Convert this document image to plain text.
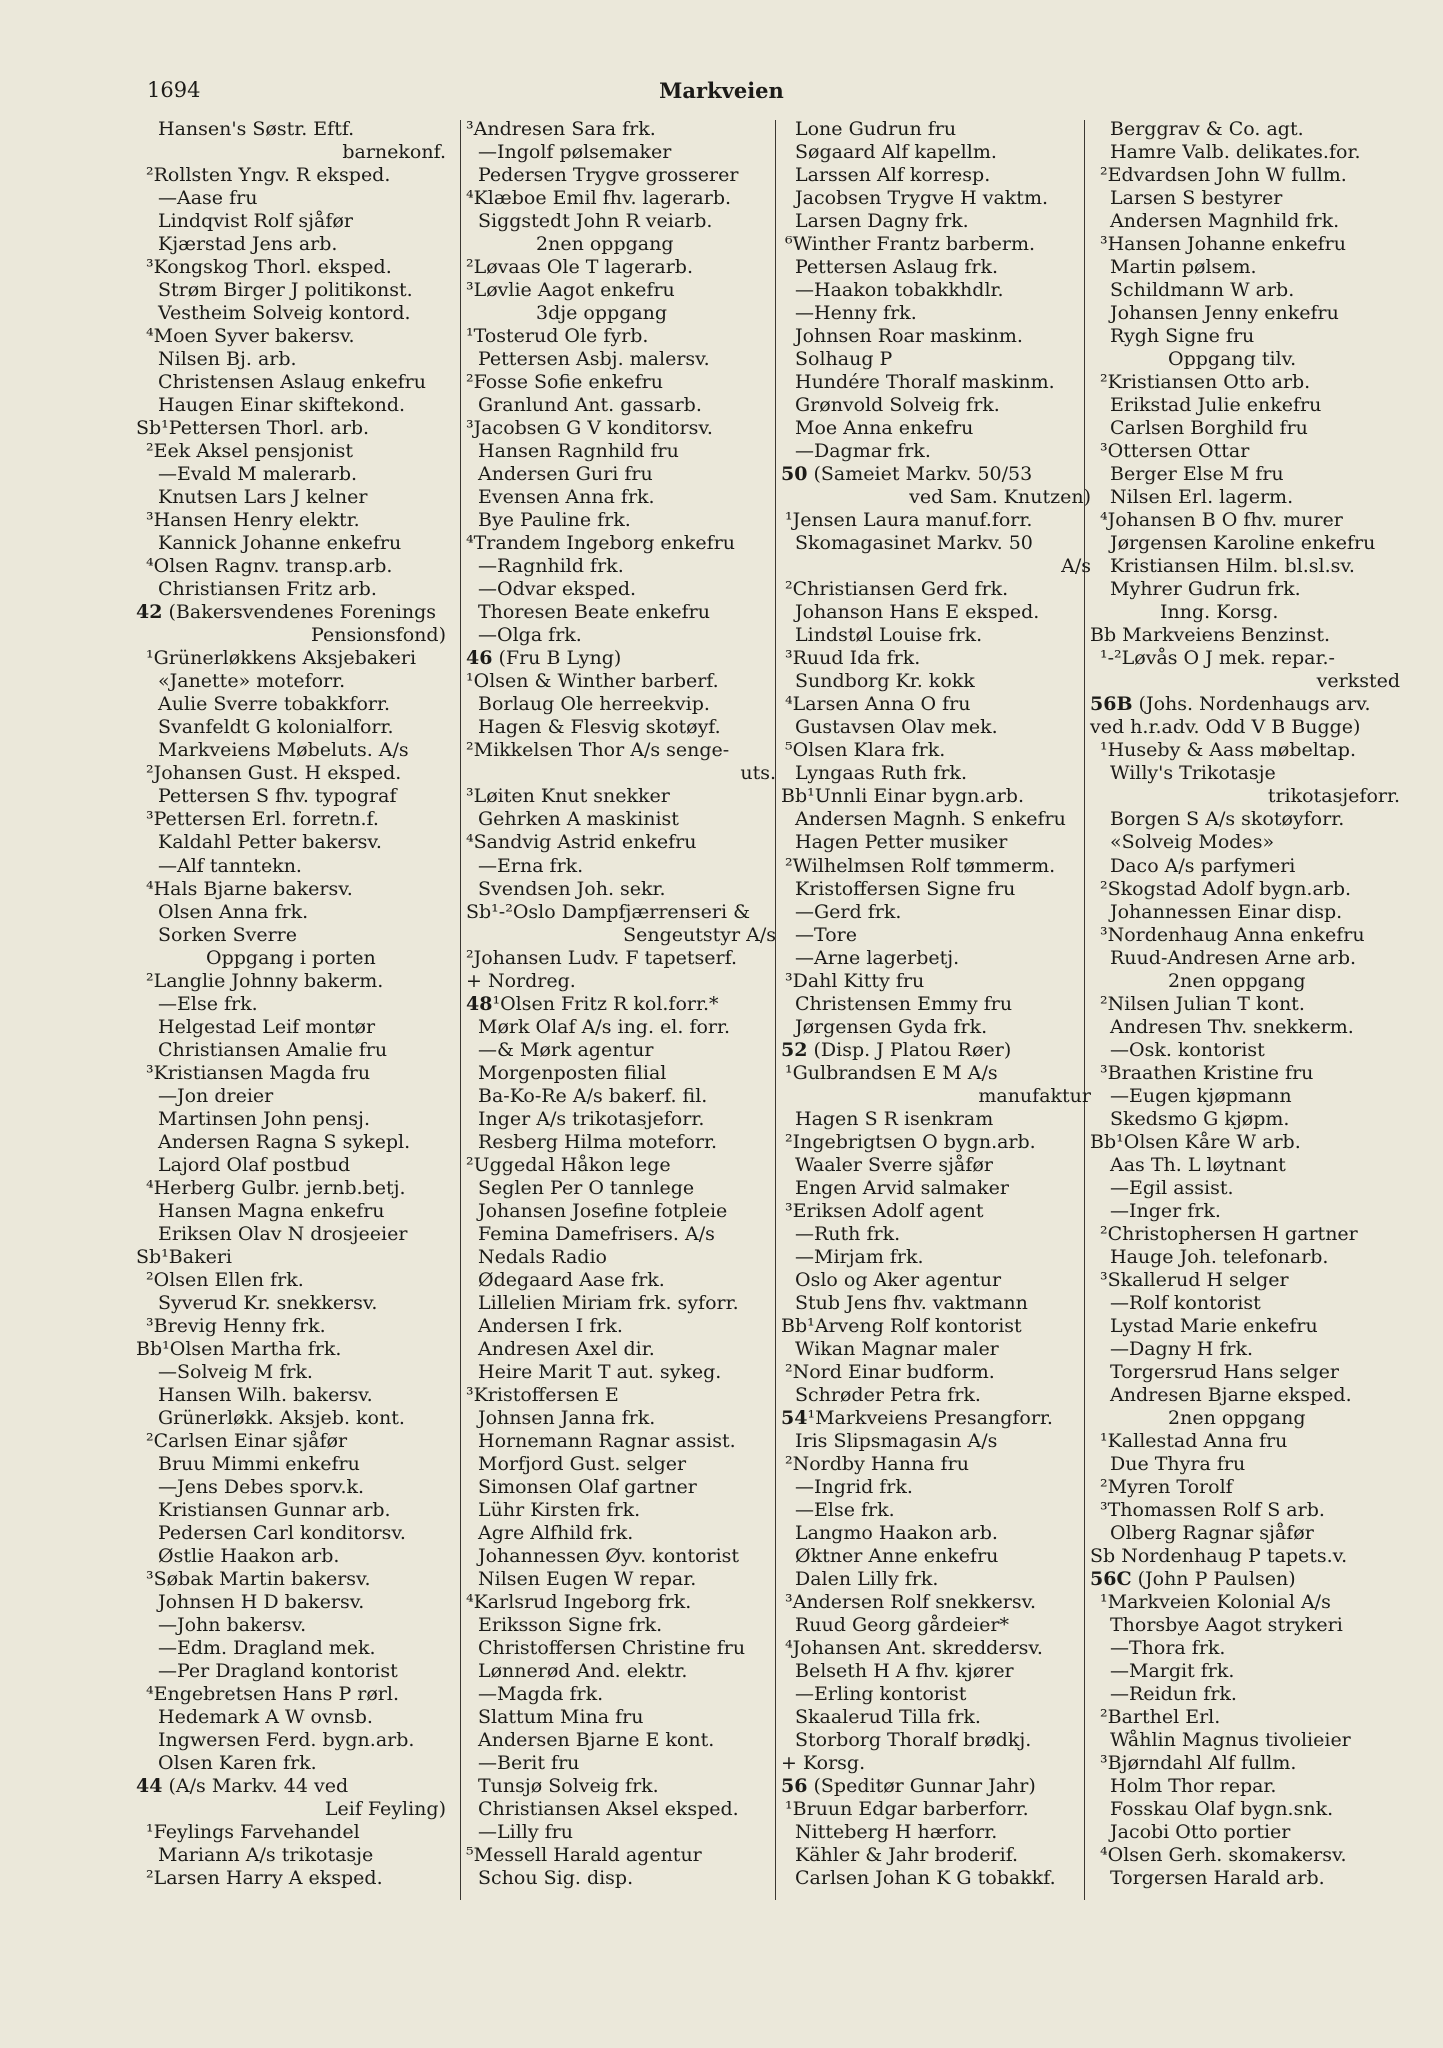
1694	Markveien
Hansen's Søstr. Eftf.
barnekonf.
²Rollsten Yngv. R eksped.
—Aase fru
Lindqvist Rolf sjåfør
Kjærstad Jens arb.
³Kongskog Thorl. eksped.
Strøm Birger J politikonst.
Vestheim Solveig kontord.
⁴Moen Syver bakersv.
Nilsen Bj. arb.
Christensen Aslaug enkefru
Haugen Einar skiftekond.
Sb¹Pettersen Thorl. arb.
²Eek Aksel pensjonist
—Evald M malerarb.
Knutsen Lars J kelner
³Hansen Henry elektr.
Kannick Johanne enkefru
⁴Olsen Ragnv. transp.arb.
Christiansen Fritz arb.
42 (Bakersvendenes Forenings
Pensionsfond)
¹Grünerløkkens Aksjebakeri
«Janette» moteforr.
Aulie Sverre tobakkforr.
Svanfeldt G kolonialforr.
Markveiens Møbeluts. A/s
²Johansen Gust. H eksped.
Pettersen S fhv. typograf
³Pettersen Erl. forretn.f.
Kaldahl Petter bakersv.
—Alf tanntekn.
⁴Hals Bjarne bakersv.
Olsen Anna frk.
Sorken Sverre
Oppgang i porten
²Langlie Johnny bakerm.
—Else frk.
Helgestad Leif montør
Christiansen Amalie fru
³Kristiansen Magda fru
—Jon dreier
Martinsen John pensj.
Andersen Ragna S sykepl.
Lajord Olaf postbud
⁴Herberg Gulbr. jernb.betj.
Hansen Magna enkefru
Eriksen Olav N drosjeeier
Sb¹Bakeri
²Olsen Ellen frk.
Syverud Kr. snekkersv.
³Brevig Henny frk.
Bb¹Olsen Martha frk.
—Solveig M frk.
Hansen Wilh. bakersv.
Grünerløkk. Aksjeb. kont.
²Carlsen Einar sjåfør
Bruu Mimmi enkefru
—Jens Debes sporv.k.
Kristiansen Gunnar arb.
Pedersen Carl konditorsv.
Østlie Haakon arb.
³Søbak Martin bakersv.
Johnsen H D bakersv.
—John bakersv.
—Edm. Dragland mek.
—Per Dragland kontorist
⁴Engebretsen Hans P rørl.
Hedemark A W ovnsb.
Ingwersen Ferd. bygn.arb.
Olsen Karen frk.
44 (A/s Markv. 44 ved
Leif Feyling)
¹Feylings Farvehandel
Mariann A/s trikotasje
²Larsen Harry A eksped.
³Andresen Sara frk.
—Ingolf pølsemaker
Pedersen Trygve grosserer
⁴Klæboe Emil fhv. lagerarb.
Siggstedt John R veiarb.
2nen oppgang
²Løvaas Ole T lagerarb.
³Løvlie Aagot enkefru
3dje oppgang
¹Tosterud Ole fyrb.
Pettersen Asbj. malersv.
²Fosse Sofie enkefru
Granlund Ant. gassarb.
³Jacobsen G V konditorsv.
Hansen Ragnhild fru
Andersen Guri fru
Evensen Anna frk.
Bye Pauline frk.
⁴Trandem Ingeborg enkefru
—Ragnhild frk.
—Odvar eksped.
Thoresen Beate enkefru
—Olga frk.
46 (Fru B Lyng)
¹Olsen & Winther barberf.
Borlaug Ole herreekvip.
Hagen & Flesvig skotøyf.
²Mikkelsen Thor A/s senge-
uts.
³Løiten Knut snekker
Gehrken A maskinist
⁴Sandvig Astrid enkefru
—Erna frk.
Svendsen Joh. sekr.
Sb¹-²Oslo Dampfjærrenseri &
Sengeutstyr A/s
²Johansen Ludv. F tapetserf.
+ Nordreg.
48¹Olsen Fritz R kol.forr.*
Mørk Olaf A/s ing. el. forr.
—& Mørk agentur
Morgenposten filial
Ba-Ko-Re A/s bakerf. fil.
Inger A/s trikotasjeforr.
Resberg Hilma moteforr.
²Uggedal Håkon lege
Seglen Per O tannlege
Johansen Josefine fotpleie
Femina Damefrisers. A/s
Nedals Radio
Ødegaard Aase frk.
Lillelien Miriam frk. syforr.
Andersen I frk.
Andresen Axel dir.
Heire Marit T aut. sykeg.
³Kristoffersen E
Johnsen Janna frk.
Hornemann Ragnar assist.
Morfjord Gust. selger
Simonsen Olaf gartner
Lühr Kirsten frk.
Agre Alfhild frk.
Johannessen Øyv. kontorist
Nilsen Eugen W repar.
⁴Karlsrud Ingeborg frk.
Eriksson Signe frk.
Christoffersen Christine fru
Lønnerød And. elektr.
—Magda frk.
Slattum Mina fru
Andersen Bjarne E kont.
—Berit fru
Tunsjø Solveig frk.
Christiansen Aksel eksped.
—Lilly fru
⁵Messell Harald agentur
Schou Sig. disp.
Lone Gudrun fru
Søgaard Alf kapellm.
Larssen Alf korresp.
Jacobsen Trygve H vaktm.
Larsen Dagny frk.
⁶Winther Frantz barberm.
Pettersen Aslaug frk.
—Haakon tobakkhdlr.
—Henny frk.
Johnsen Roar maskinm.
Solhaug P
Hundére Thoralf maskinm.
Grønvold Solveig frk.
Moe Anna enkefru
—Dagmar frk.
50 (Sameiet Markv. 50/53
ved Sam. Knutzen)
¹Jensen Laura manuf.forr.
Skomagasinet Markv. 50
A/s
²Christiansen Gerd frk.
Johanson Hans E eksped.
Lindstøl Louise frk.
³Ruud Ida frk.
Sundborg Kr. kokk
⁴Larsen Anna O fru
Gustavsen Olav mek.
⁵Olsen Klara frk.
Lyngaas Ruth frk.
Bb¹Unnli Einar bygn.arb.
Andersen Magnh. S enkefru
Hagen Petter musiker
²Wilhelmsen Rolf tømmerm.
Kristoffersen Signe fru
—Gerd frk.
—Tore
—Arne lagerbetj.
³Dahl Kitty fru
Christensen Emmy fru
Jørgensen Gyda frk.
52 (Disp. J Platou Røer)
¹Gulbrandsen E M A/s
manufaktur
Hagen S R isenkram
²Ingebrigtsen O bygn.arb.
Waaler Sverre sjåfør
Engen Arvid salmaker
³Eriksen Adolf agent
—Ruth frk.
—Mirjam frk.
Oslo og Aker agentur
Stub Jens fhv. vaktmann
Bb¹Arveng Rolf kontorist
Wikan Magnar maler
²Nord Einar budform.
Schrøder Petra frk.
54¹Markveiens Presangforr.
Iris Slipsmagasin A/s
²Nordby Hanna fru
—Ingrid frk.
—Else frk.
Langmo Haakon arb.
Øktner Anne enkefru
Dalen Lilly frk.
³Andersen Rolf snekkersv.
Ruud Georg gårdeier*
⁴Johansen Ant. skreddersv.
Belseth H A fhv. kjører
—Erling kontorist
Skaalerud Tilla frk.
Storborg Thoralf brødkj.
+ Korsg.
56 (Speditør Gunnar Jahr)
¹Bruun Edgar barberforr.
Nitteberg H hærforr.
Kähler & Jahr broderif.
Carlsen Johan K G tobakkf.
Berggrav & Co. agt.
Hamre Valb. delikates.for.
²Edvardsen John W fullm.
Larsen S bestyrer
Andersen Magnhild frk.
³Hansen Johanne enkefru
Martin pølsem.
Schildmann W arb.
Johansen Jenny enkefru
Rygh Signe fru
Oppgang tilv.
²Kristiansen Otto arb.
Erikstad Julie enkefru
Carlsen Borghild fru
³Ottersen Ottar
Berger Else M fru
Nilsen Erl. lagerm.
⁴Johansen B O fhv. murer
Jørgensen Karoline enkefru
Kristiansen Hilm. bl.sl.sv.
Myhrer Gudrun frk.
Inng. Korsg.
Bb Markveiens Benzinst.
¹-²Løvås O J mek. repar.-
verksted
56B (Johs. Nordenhaugs arv.
ved h.r.adv. Odd V B Bugge)
¹Huseby & Aass møbeltap.
Willy's Trikotasje
trikotasjeforr.
Borgen S A/s skotøyforr.
«Solveig Modes»
Daco A/s parfymeri
²Skogstad Adolf bygn.arb.
Johannessen Einar disp.
³Nordenhaug Anna enkefru
Ruud-Andresen Arne arb.
2nen oppgang
²Nilsen Julian T kont.
Andresen Thv. snekkerm.
—Osk. kontorist
³Braathen Kristine fru
—Eugen kjøpmann
Skedsmo G kjøpm.
Bb¹Olsen Kåre W arb.
Aas Th. L løytnant
—Egil assist.
—Inger frk.
²Christophersen H gartner
Hauge Joh. telefonarb.
³Skallerud H selger
—Rolf kontorist
Lystad Marie enkefru
—Dagny H frk.
Torgersrud Hans selger
Andresen Bjarne eksped.
2nen oppgang
¹Kallestad Anna fru
Due Thyra fru
²Myren Torolf
³Thomassen Rolf S arb.
Olberg Ragnar sjåfør
Sb Nordenhaug P tapets.v.
56C (John P Paulsen)
¹Markveien Kolonial A/s
Thorsbye Aagot strykeri
—Thora frk.
—Margit frk.
—Reidun frk.
²Barthel Erl.
Wåhlin Magnus tivolieier
³Bjørndahl Alf fullm.
Holm Thor repar.
Fosskau Olaf bygn.snk.
Jacobi Otto portier
⁴Olsen Gerh. skomakersv.
Torgersen Harald arb.
